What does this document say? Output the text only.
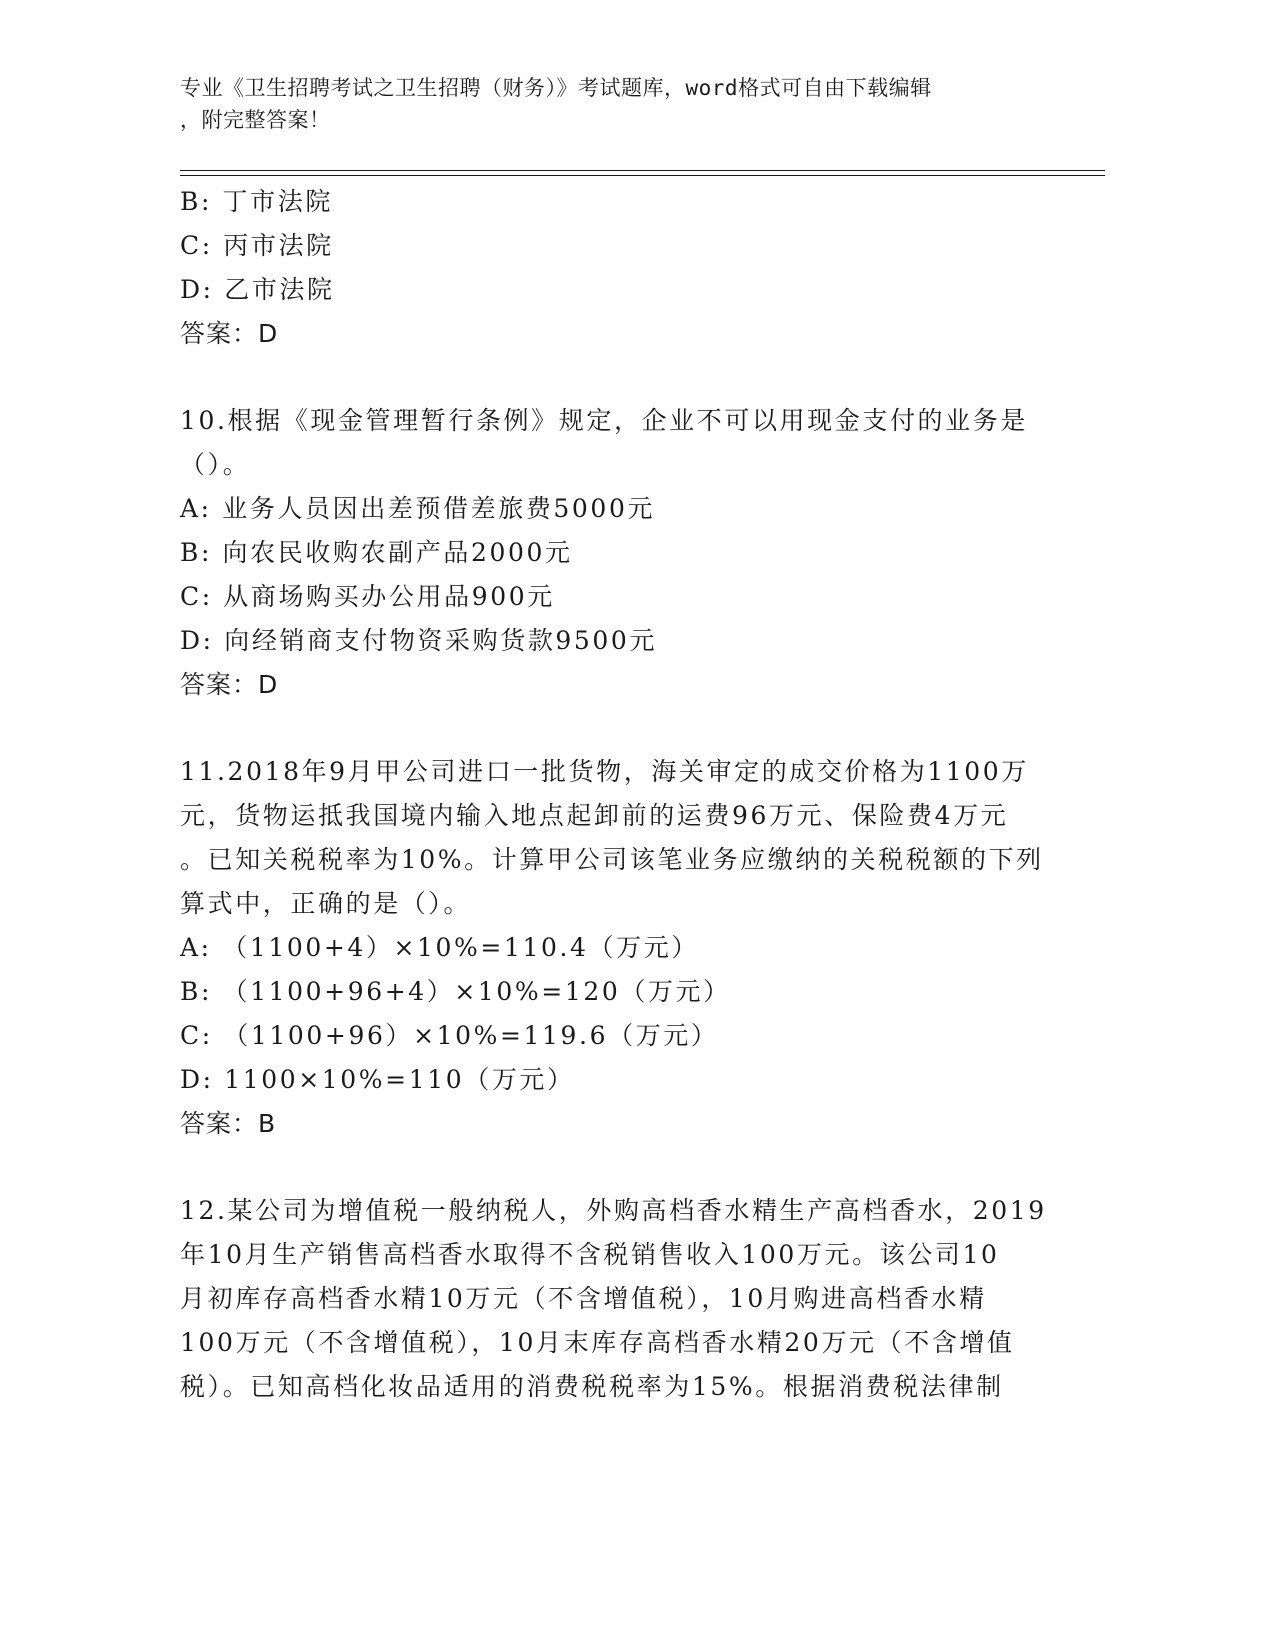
专业《卫生招聘考试之卫生招聘（财务）》考试题库，word格式可自由下载编辑
，附完整答案！
B: 丁市法院
C: 丙市法院
D: 乙市法院
答案：D
10.根据《现金管理暂行条例》规定，企业不可以用现金支付的业务是
（）。
A: 业务人员因出差预借差旅费5000元
B: 向农民收购农副产品2000元
C: 从商场购买办公用品900元
D: 向经销商支付物资采购货款9500元
答案：D
11.2018年9月甲公司进口一批货物，海关审定的成交价格为1100万
元，货物运抵我国境内输入地点起卸前的运费96万元、保险费4万元
。已知关税税率为10%。计算甲公司该笔业务应缴纳的关税税额的下列
算式中，正确的是（）。
A: （1100+4）×10%=110.4（万元）
B: （1100+96+4）×10%=120（万元）
C: （1100+96）×10%=119.6（万元）
D: 1100×10%=110（万元）
答案：B
12.某公司为增值税一般纳税人，外购高档香水精生产高档香水，2019
年10月生产销售高档香水取得不含税销售收入100万元。该公司10
月初库存高档香水精10万元（不含增值税），10月购进高档香水精
100万元（不含增值税），10月末库存高档香水精20万元（不含增值
税）。已知高档化妆品适用的消费税税率为15%。根据消费税法律制
